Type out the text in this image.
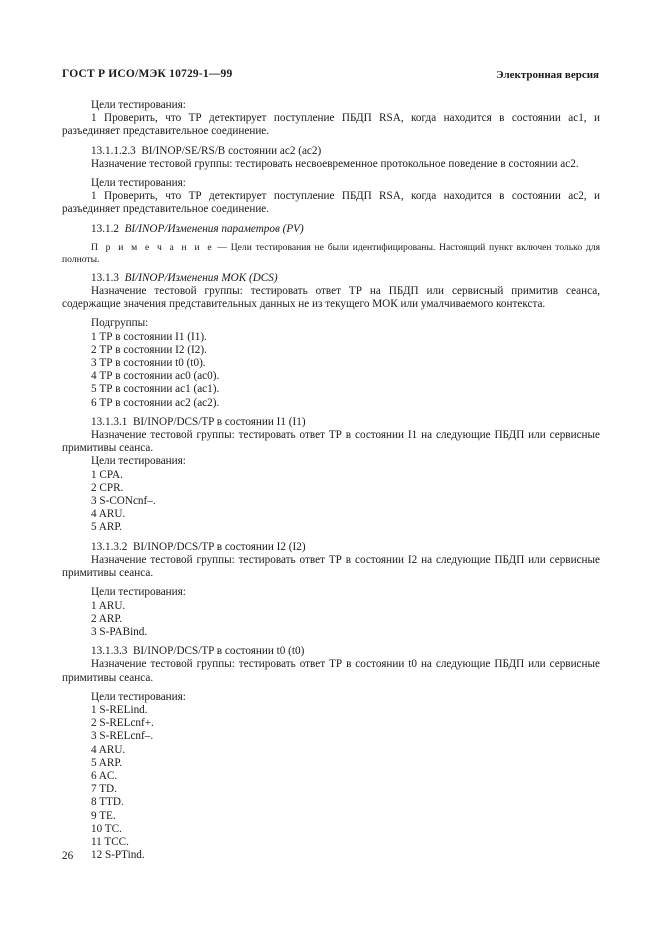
ГОСТ Р ИСО/МЭК 10729-1—99	Электронная версия

Цели тестирования:

1 Проверить, что ТР детектирует поступление ПБДП RSA, когда находится в состоянии ас1, и разъединяет представительное соединение.

13.1.1.2.3 BI/INOP/SE/RS/B состоянии ас2 (ас2)

Назначение тестовой группы: тестировать несвоевременное протокольное поведение в состоянии ас2.

Цели тестирования:

1 Проверить, что ТР детектирует поступление ПБДП RSA, когда находится в состоянии ас2, и разъединяет представительное соединение.

13.1.2 BI/INOP/Изменения параметров (PV)

П р и м е ч а н и е — Цели тестирования не были идентифицированы. Настоящий пункт включен только для полноты.

13.1.3 BI/INOP/Изменения МОК (DCS)

Назначение тестовой группы: тестировать ответ ТР на ПБДП или сервисный примитив сеанса, содержащие значения представительных данных не из текущего МОК или умалчиваемого контекста.

Подгруппы:

1 ТР в состоянии I1 (I1).

2 ТР в состоянии I2 (I2).

3 ТР в состоянии t0 (t0).

4 ТР в состоянии ас0 (ас0).

5 ТР в состоянии ас1 (ас1).

6 ТР в состоянии ас2 (ас2).

13.1.3.1 BI/INOP/DCS/TP в состоянии I1 (I1)

Назначение тестовой группы: тестировать ответ ТР в состоянии I1 на следующие ПБДП или сервисные примитивы сеанса.

Цели тестирования:

1 CPA.

2 CPR.

3 S-CONcnf–.

4 ARU.

5 ARP.

13.1.3.2 BI/INOP/DCS/TP в состоянии I2 (I2)

Назначение тестовой группы: тестировать ответ ТР в состоянии I2 на следующие ПБДП или сервисные примитивы сеанса.

Цели тестирования:

1 ARU.

2 ARP.

3 S-PABind.

13.1.3.3 BI/INOP/DCS/TP в состоянии t0 (t0)

Назначение тестовой группы: тестировать ответ ТР в состоянии t0 на следующие ПБДП или сервисные примитивы сеанса.

Цели тестирования:

1 S-RELind.

2 S-RELcnf+.

3 S-RELcnf–.

4 ARU.

5 ARP.

6 AC.

7 TD.

8 TTD.

9 TE.

10 TC.

11 TCC.

12 S-PTind.

26
